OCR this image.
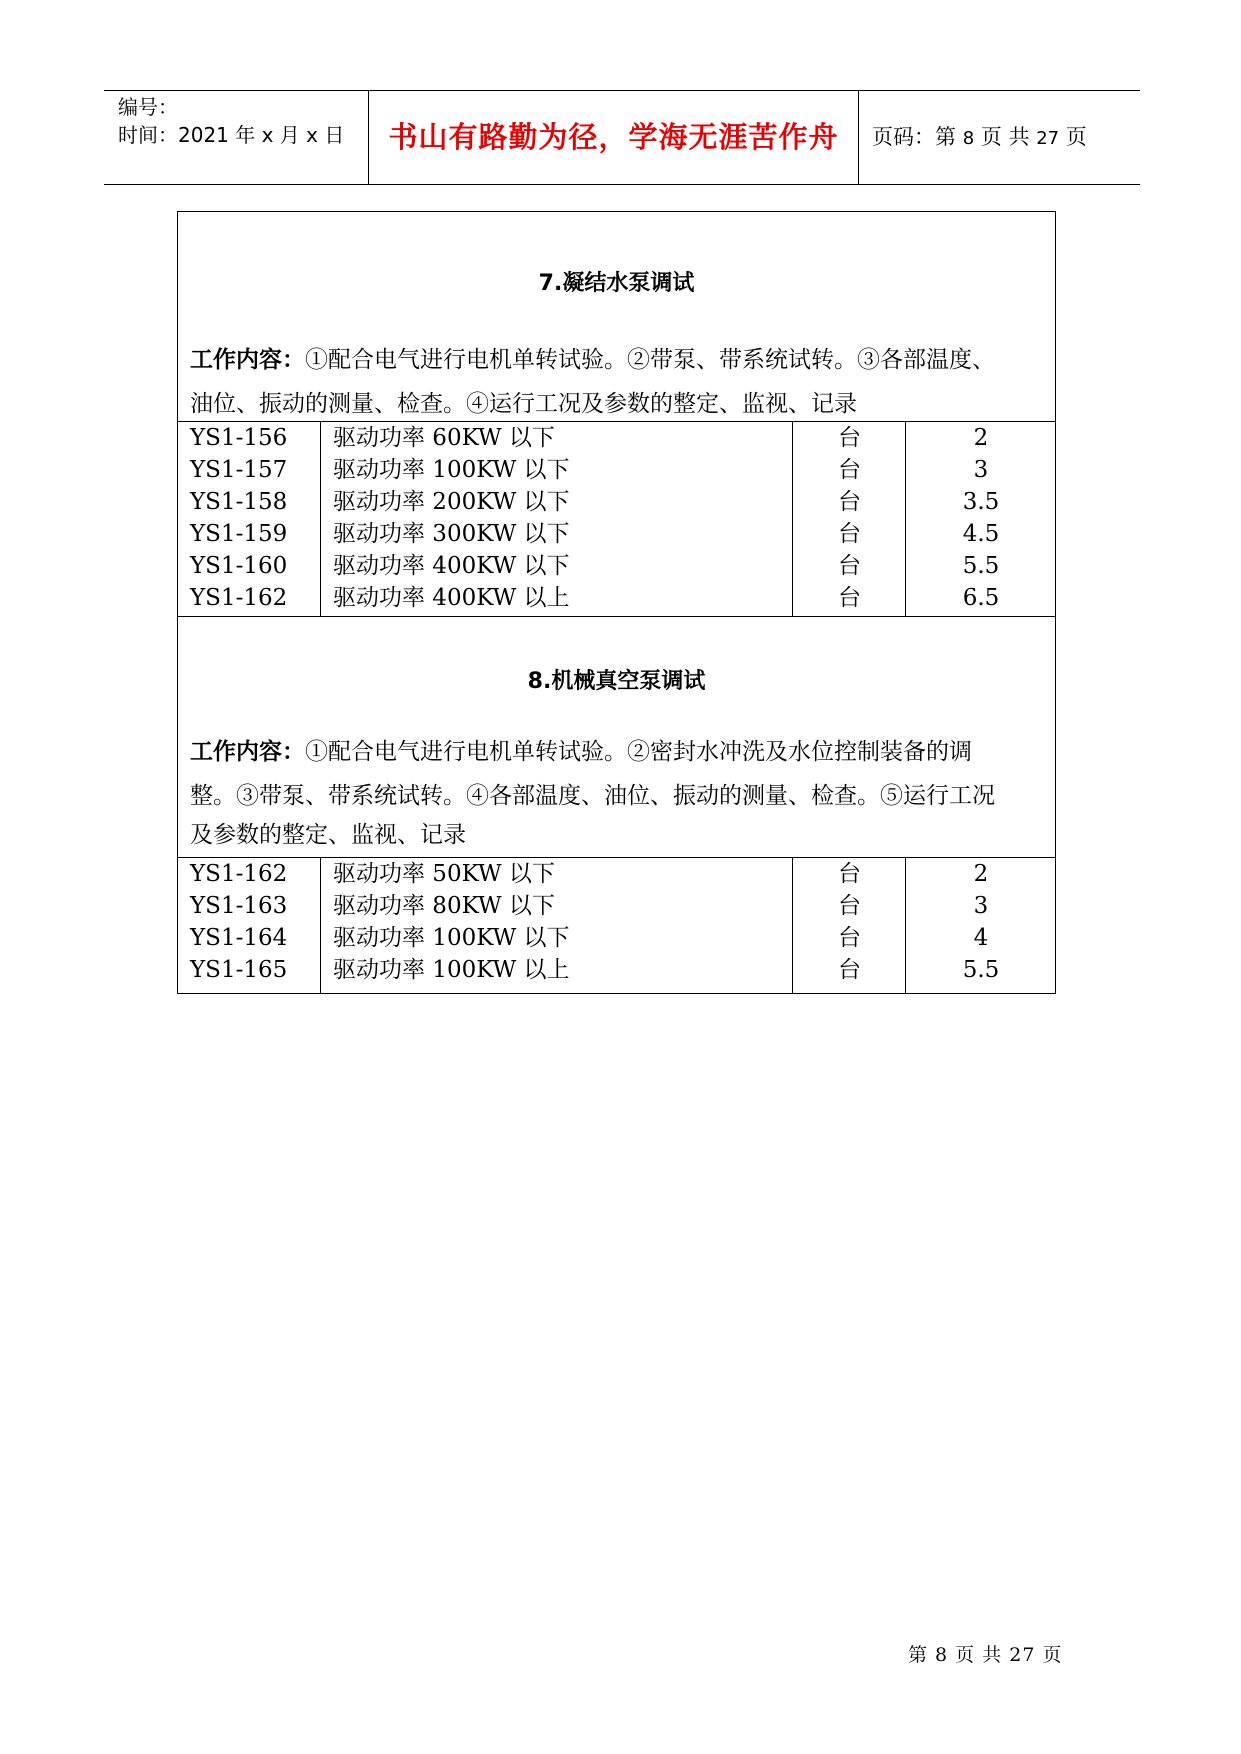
编号：
时间：2021 年 x 月 x 日	书山有路勤为径，学海无涯苦作舟	页码：第 8 页 共 27 页
7.凝结水泵调试
工作内容：①配合电气进行电机单转试验。②带泵、带系统试转。③各部温度、
油位、振动的测量、检查。④运行工况及参数的整定、监视、记录
YS1-156 驱动功率 60KW 以下	台	2
YS1-157 驱动功率 100KW 以下	台	3
YS1-158 驱动功率 200KW 以下	台	3.5
YS1-159 驱动功率 300KW 以下	台	4.5
YS1-160 驱动功率 400KW 以下	台	5.5
YS1-162 驱动功率 400KW 以上	台	6.5
8.机械真空泵调试
工作内容：①配合电气进行电机单转试验。②密封水冲洗及水位控制装备的调
整。③带泵、带系统试转。④各部温度、油位、振动的测量、检查。⑤运行工况
及参数的整定、监视、记录
YS1-162 驱动功率 50KW 以下	台	2
YS1-163 驱动功率 80KW 以下	台	3
YS1-164 驱动功率 100KW 以下	台	4
YS1-165 驱动功率 100KW 以上	台	5.5
第 8 页 共 27 页
